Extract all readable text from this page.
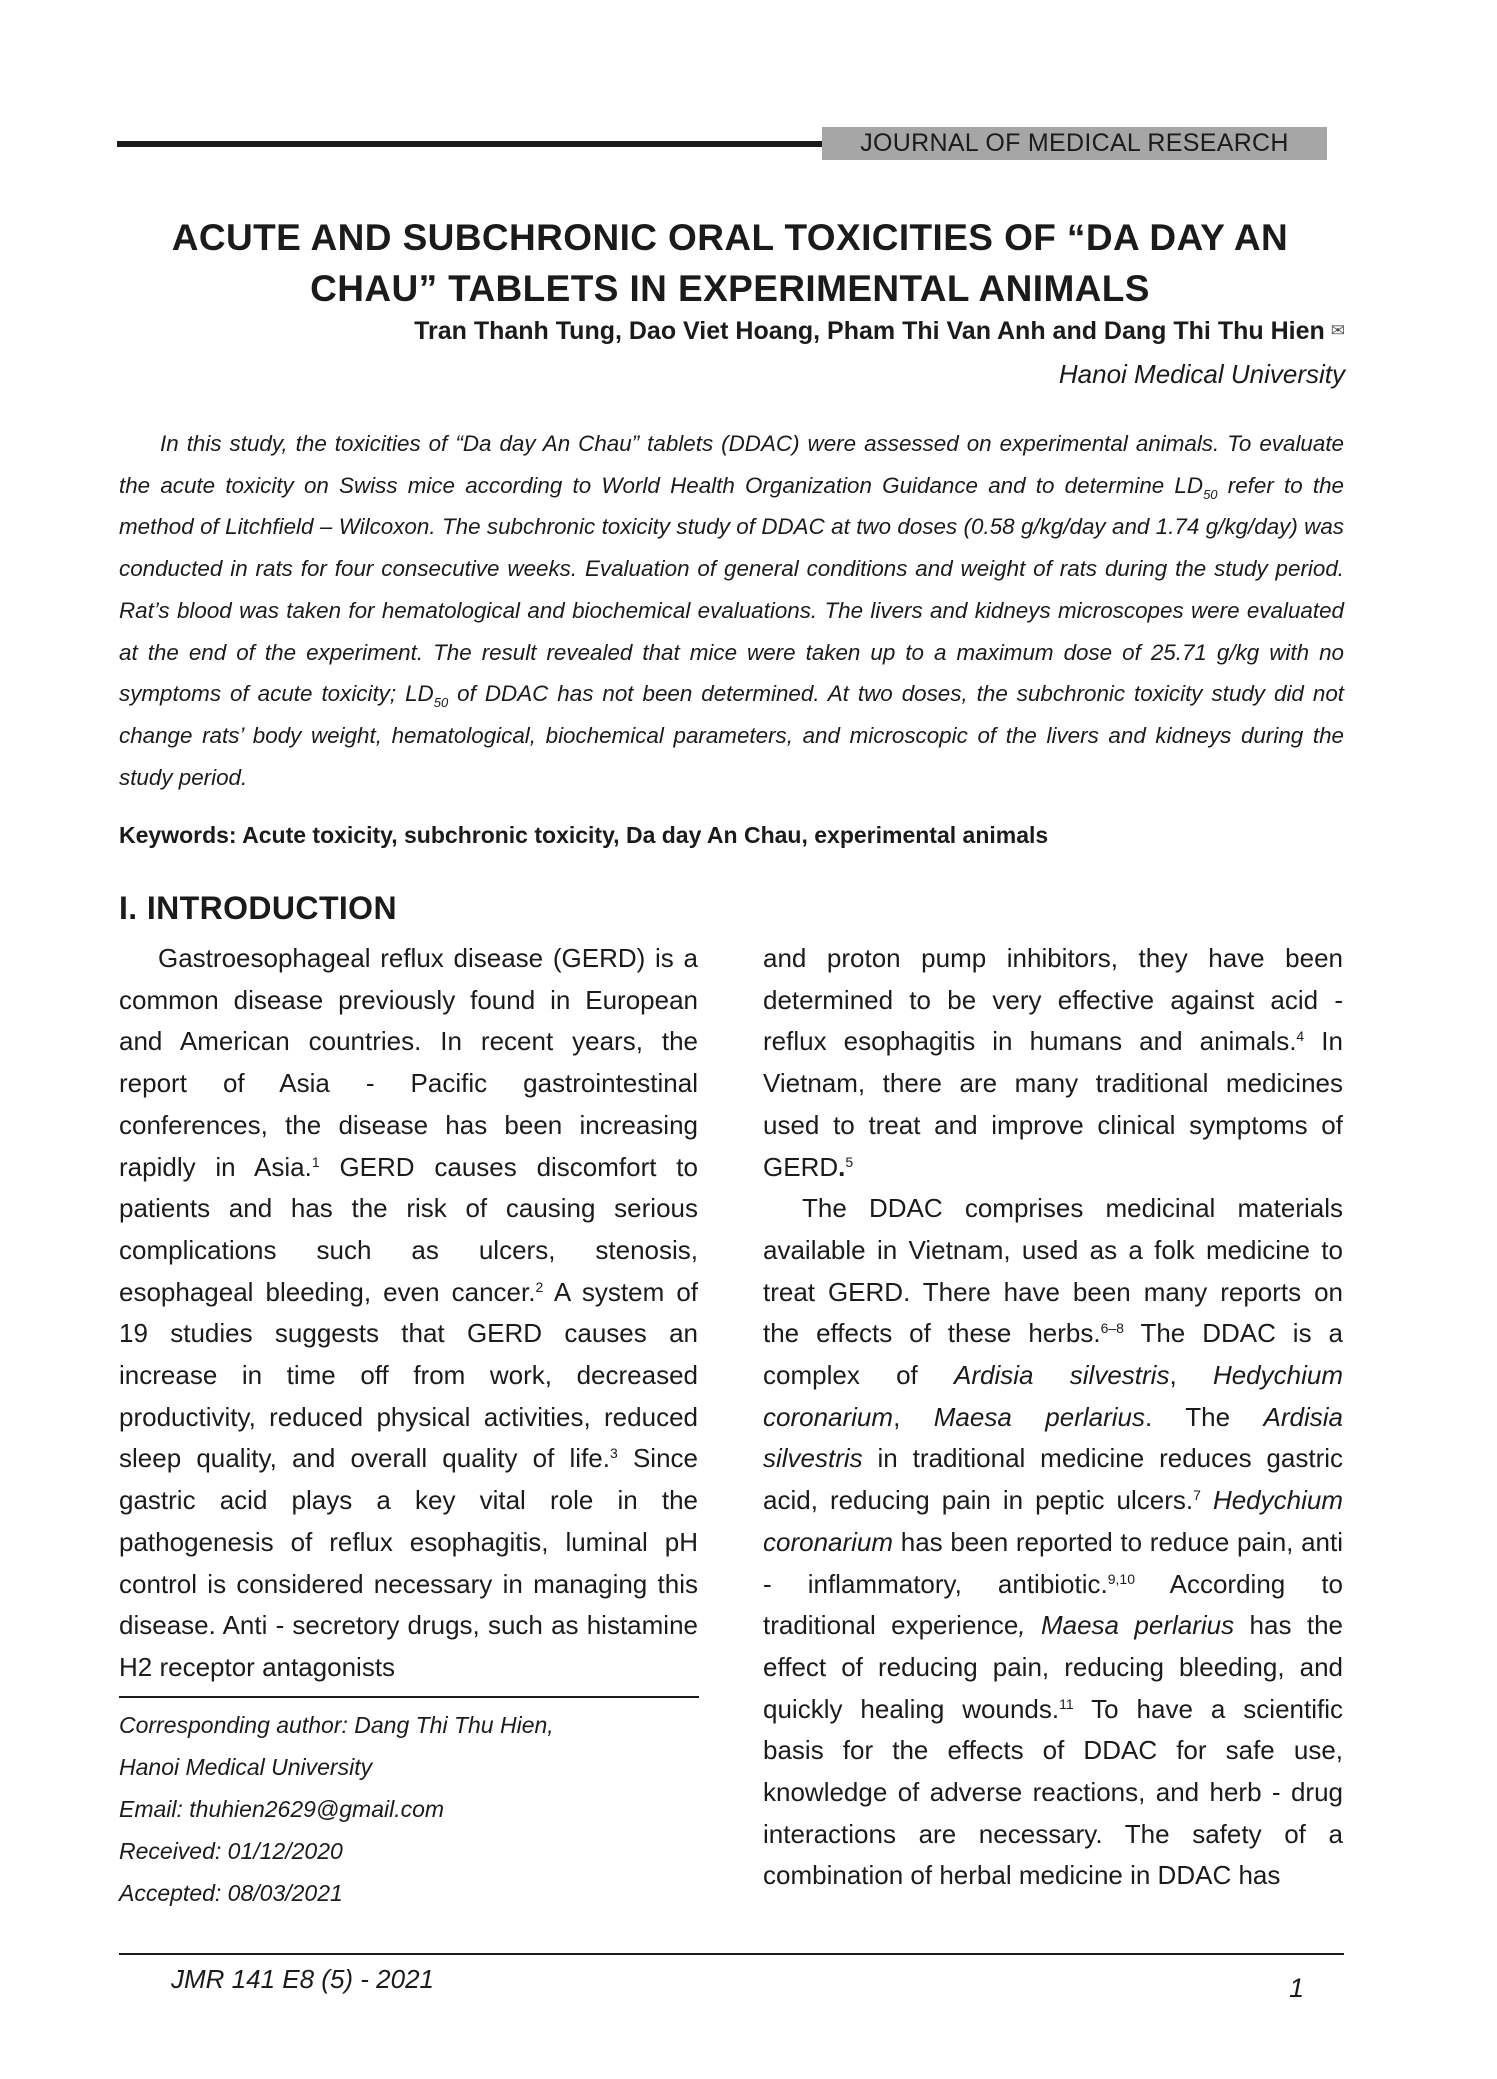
JOURNAL OF MEDICAL RESEARCH
ACUTE AND SUBCHRONIC ORAL TOXICITIES OF “DA DAY AN
CHAU” TABLETS IN EXPERIMENTAL ANIMALS
Tran Thanh Tung, Dao Viet Hoang, Pham Thi Van Anh and Dang Thi Thu Hien ✉
Hanoi Medical University

In this study, the toxicities of “Da day An Chau” tablets (DDAC) were assessed on experimental animals. To evaluate the acute toxicity on Swiss mice according to World Health Organization Guidance and to determine $LD_{50}$ refer to the method of Litchfield – Wilcoxon. The subchronic toxicity study of DDAC at two doses (0.58 g/kg/day and 1.74 g/kg/day) was conducted in rats for four consecutive weeks. Evaluation of general conditions and weight of rats during the study period. Rat’s blood was taken for hematological and biochemical evaluations. The livers and kidneys microscopes were evaluated at the end of the experiment. The result revealed that mice were taken up to a maximum dose of 25.71 g/kg with no symptoms of acute toxicity; $LD_{50}$ of DDAC has not been determined. At two doses, the subchronic toxicity study did not change rats’ body weight, hematological, biochemical parameters, and microscopic of the livers and kidneys during the study period.

Keywords: Acute toxicity, subchronic toxicity, Da day An Chau, experimental animals
I. INTRODUCTION

Gastroesophageal reflux disease (GERD) is a common disease previously found in European and American countries. In recent years, the report of Asia - Pacific gastrointestinal conferences, the disease has been increasing rapidly in Asia.$^1$ GERD causes discomfort to patients and has the risk of causing serious complications such as ulcers, stenosis, esophageal bleeding, even cancer.$^2$ A system of 19 studies suggests that GERD causes an increase in time off from work, decreased productivity, reduced physical activities, reduced sleep quality, and overall quality of life.$^3$ Since gastric acid plays a key vital role in the pathogenesis of reflux esophagitis, luminal pH control is considered necessary in managing this disease. Anti - secretory drugs, such as histamine H2 receptor antagonists

Corresponding author: Dang Thi Thu Hien,
Hanoi Medical University
Email: thuhien2629@gmail.com
Received: 01/12/2020
Accepted: 08/03/2021

and proton pump inhibitors, they have been determined to be very effective against acid - reflux esophagitis in humans and animals.$^4$ In Vietnam, there are many traditional medicines used to treat and improve clinical symptoms of GERD.$^5$

The DDAC comprises medicinal materials available in Vietnam, used as a folk medicine to treat GERD. There have been many reports on the effects of these herbs.$^{6-8}$ The DDAC is a complex of Ardisia silvestris, Hedychium coronarium, Maesa perlarius. The Ardisia silvestris in traditional medicine reduces gastric acid, reducing pain in peptic ulcers.$^7$ Hedychium coronarium has been reported to reduce pain, anti - inflammatory, antibiotic.$^{9,10}$ According to traditional experience, Maesa perlarius has the effect of reducing pain, reducing bleeding, and quickly healing wounds.$^{11}$ To have a scientific basis for the effects of DDAC for safe use, knowledge of adverse reactions, and herb - drug interactions are necessary. The safety of a combination of herbal medicine in DDAC has

JMR 141 E8 (5) - 2021	1
